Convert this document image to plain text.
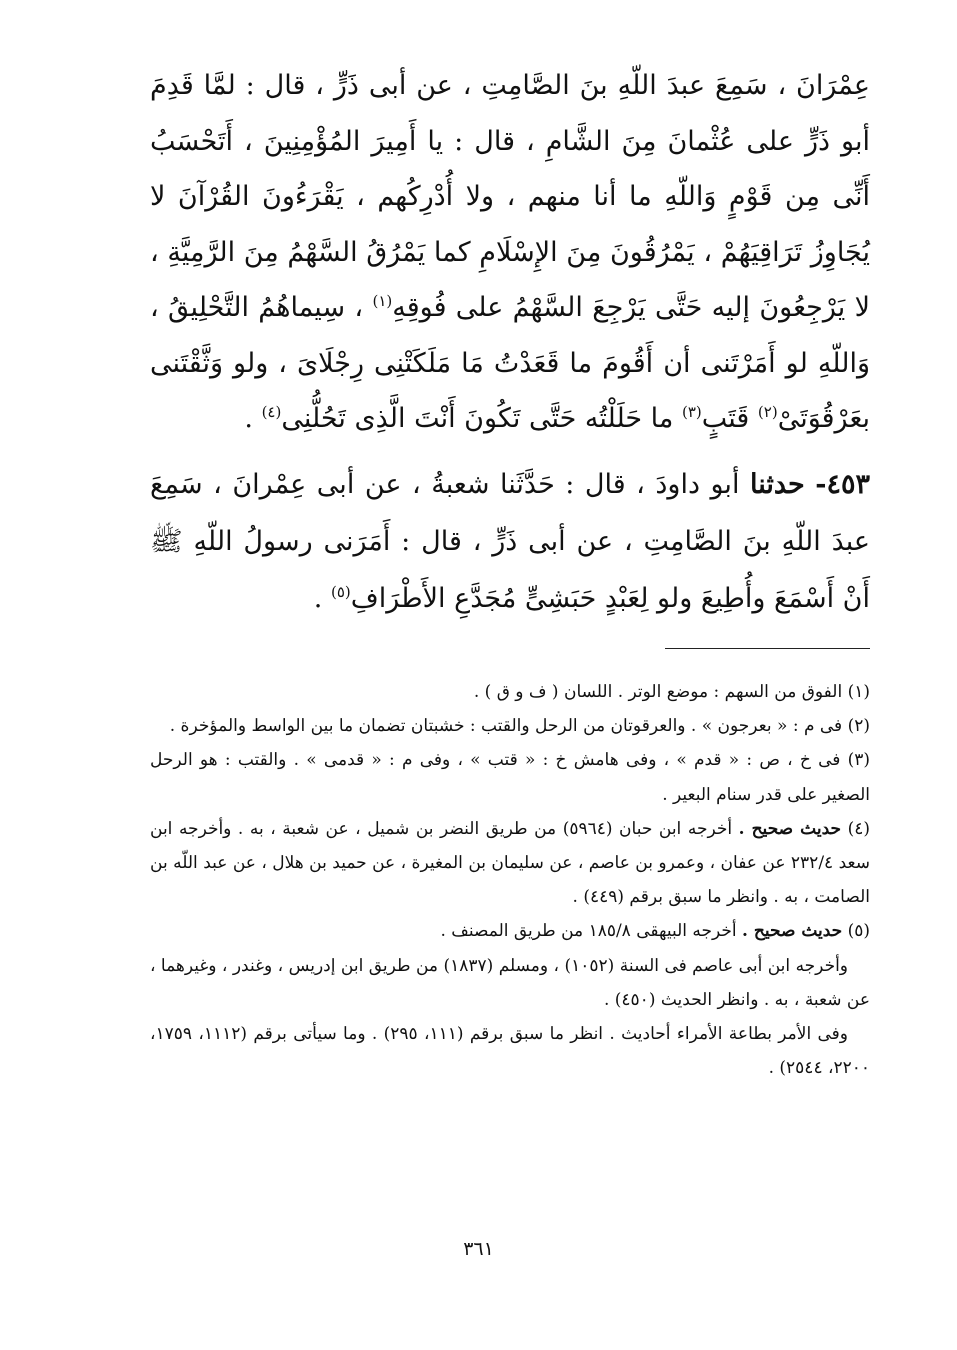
عِمْرَانَ ، سَمِعَ عبدَ اللّهِ بنَ الصَّامِتِ ، عن أبى ذَرٍّ ، قال : لمَّا قَدِمَ أبو ذَرٍّ على عُثْمانَ مِنَ الشَّامِ ، قال : يا أَمِيرَ المُؤْمِنِينَ ، أَتَحْسَبُ أَنِّى مِن قَوْمٍ وَاللّهِ ما أنا منهم ، ولا أُدْرِكُهم ، يَقْرَءُونَ القُرْآنَ لا يُجَاوِزُ تَرَاقِيَهُمْ ، يَمْرُقُونَ مِنَ الإِسْلَامِ كما يَمْرُقُ السَّهْمُ مِنَ الرَّمِيَّةِ ، لا يَرْجِعُونَ إليه حَتَّى يَرْجِعَ السَّهْمُ على فُوقِهِ$^{(١)}$ ، سِيماهُمُ التَّحْلِيقُ ، وَاللّهِ لو أَمَرْتَنى أن أَقُومَ ما قَعَدْتُ مَا مَلَكَتْنِى رِجْلَاىَ ، ولو وَثَّقْتَنى بعَرْقُوَتَىْ$^{(٢)}$ قَتَبٍ$^{(٣)}$ ما حَلَلْتُه حَتَّى تَكُونَ أَنْتَ الَّذِى تَحُلُّنِى$^{(٤)}$ .
٤٥٣- حدثنا أبو داودَ ، قال : حَدَّثَنا شعبةُ ، عن أبى عِمْرانَ ، سَمِعَ عبدَ اللّهِ بنَ الصَّامِتِ ، عن أبى ذَرٍّ ، قال : أَمَرَنى رسولُ اللّهِ ﷺ أَنْ أَسْمَعَ وأُطِيعَ ولو لِعَبْدٍ حَبَشِىٍّ مُجَدَّعِ الأَطْرَافِ$^{(٥)}$ .

(١) الفوق من السهم : موضع الوتر . اللسان ( ف و ق ) .

(٢) فى م : « بعرجون » . والعرقوتان من الرحل والقتب : خشبتان تضمان ما بين الواسط والمؤخرة .

(٣) فى خ ، ص : « قدم » ، وفى هامش خ : « قتب » ، وفى م : « قدمى » . والقتب : هو الرحل الصغير على قدر سنام البعير .

(٤) حديث صحيح . أخرجه ابن حبان (٥٩٦٤) من طريق النضر بن شميل ، عن شعبة ، به . وأخرجه ابن سعد ٢٣٢/٤ عن عفان ، وعمرو بن عاصم ، عن سليمان بن المغيرة ، عن حميد بن هلال ، عن عبد اللّه بن الصامت ، به . وانظر ما سبق برقم (٤٤٩) .

(٥) حديث صحيح . أخرجه البيهقى ١٨٥/٨ من طريق المصنف .

وأخرجه ابن أبى عاصم فى السنة (١٠٥٢) ، ومسلم (١٨٣٧) من طريق ابن إدريس ، وغندر ، وغيرهما ، عن شعبة ، به . وانظر الحديث (٤٥٠) .

وفى الأمر بطاعة الأمراء أحاديث . انظر ما سبق برقم (١١١، ٢٩٥) . وما سيأتى برقم (١١١٢، ١٧٥٩، ٢٢٠٠، ٢٥٤٤) .

٣٦١
